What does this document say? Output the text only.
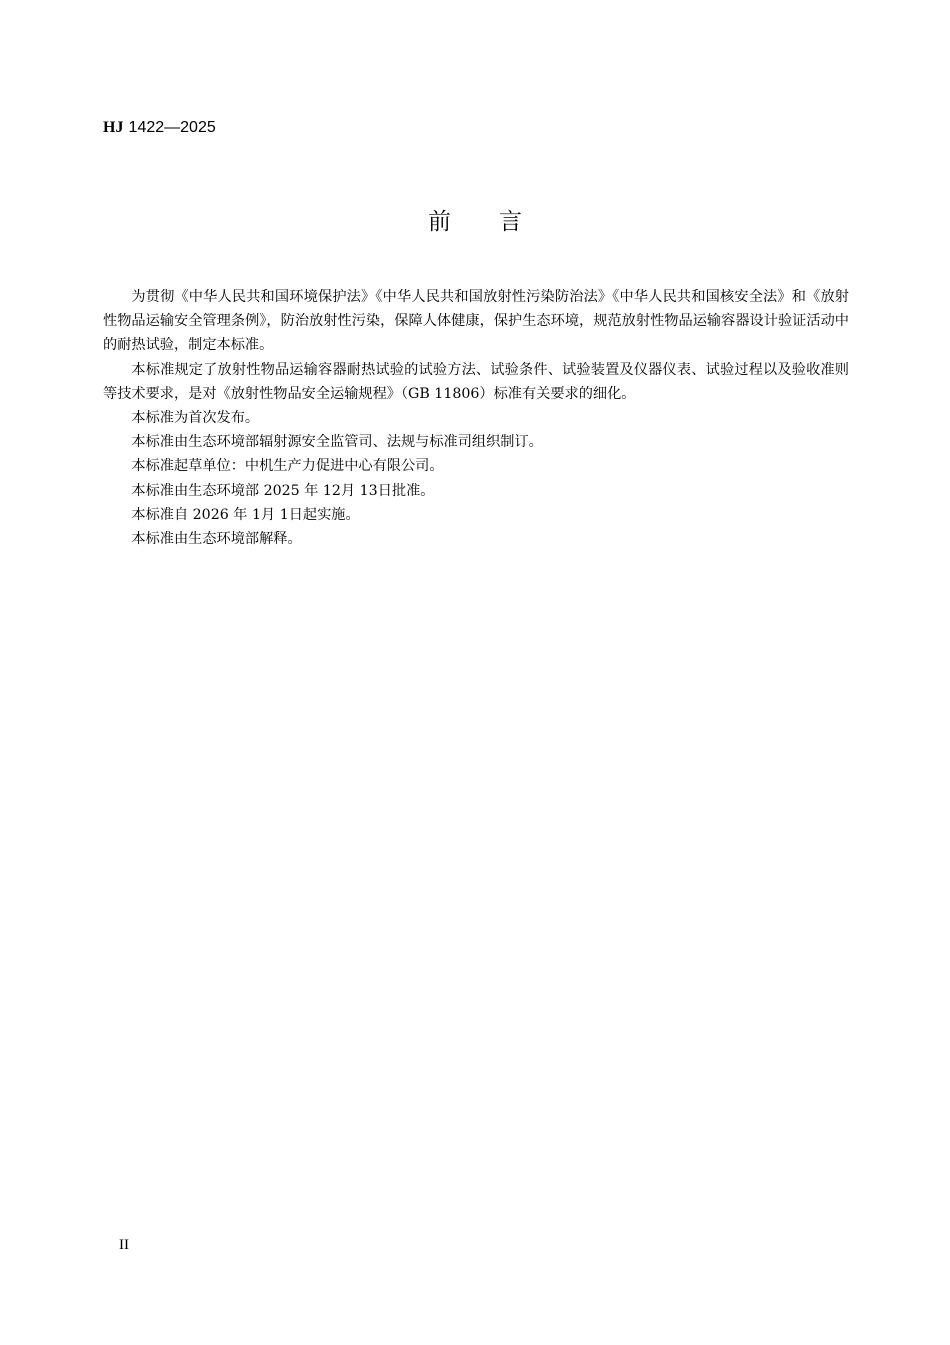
HJ 1422—2025
前 言

为贯彻《中华人民共和国环境保护法》《中华人民共和国放射性污染防治法》《中华人民共和国核安全法》和《放射性物品运输安全管理条例》，防治放射性污染，保障人体健康，保护生态环境，规范放射性物品运输容器设计验证活动中的耐热试验，制定本标准。

本标准规定了放射性物品运输容器耐热试验的试验方法、试验条件、试验装置及仪器仪表、试验过程以及验收准则等技术要求，是对《放射性物品安全运输规程》（GB 11806）标准有关要求的细化。

本标准为首次发布。

本标准由生态环境部辐射源安全监管司、法规与标准司组织制订。

本标准起草单位：中机生产力促进中心有限公司。

本标准由生态环境部 2025 年 12月 13日批准。

本标准自 2026 年 1月 1日起实施。

本标准由生态环境部解释。

II
